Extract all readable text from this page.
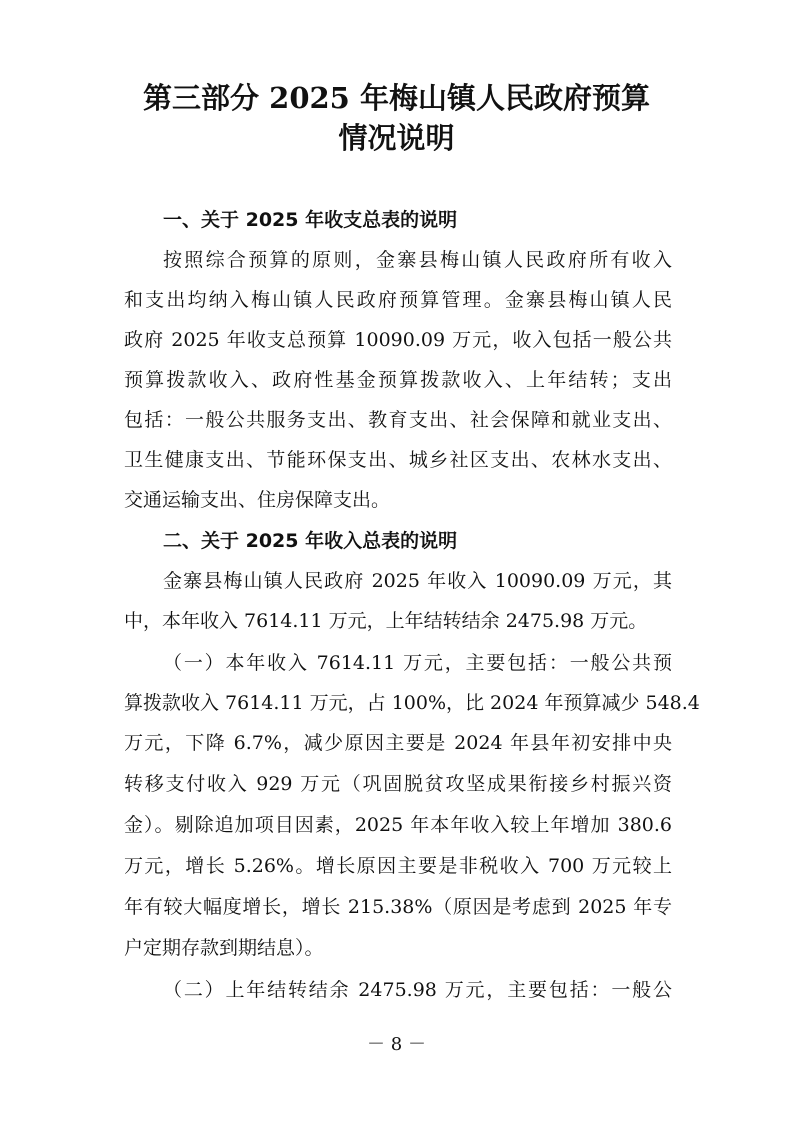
第三部分 2025 年梅山镇人民政府预算
情况说明
一、关于 2025 年收支总表的说明
按照综合预算的原则，金寨县梅山镇人民政府所有收入
和支出均纳入梅山镇人民政府预算管理。金寨县梅山镇人民
政府 2025 年收支总预算 10090.09 万元，收入包括一般公共
预算拨款收入、政府性基金预算拨款收入、上年结转；支出
包括：一般公共服务支出、教育支出、社会保障和就业支出、
卫生健康支出、节能环保支出、城乡社区支出、农林水支出、
交通运输支出、住房保障支出。
二、关于 2025 年收入总表的说明
金寨县梅山镇人民政府 2025 年收入 10090.09 万元，其
中，本年收入 7614.11 万元，上年结转结余 2475.98 万元。
（一）本年收入 7614.11 万元，主要包括：一般公共预
算拨款收入 7614.11 万元，占 100%，比 2024 年预算减少 548.4
万元，下降 6.7%，减少原因主要是 2024 年县年初安排中央
转移支付收入 929 万元（巩固脱贫攻坚成果衔接乡村振兴资
金）。剔除追加项目因素，2025 年本年收入较上年增加 380.6
万元，增长 5.26%。增长原因主要是非税收入 700 万元较上
年有较大幅度增长，增长 215.38%（原因是考虑到 2025 年专
户定期存款到期结息）。
（二）上年结转结余 2475.98 万元，主要包括：一般公
－ 8 －
